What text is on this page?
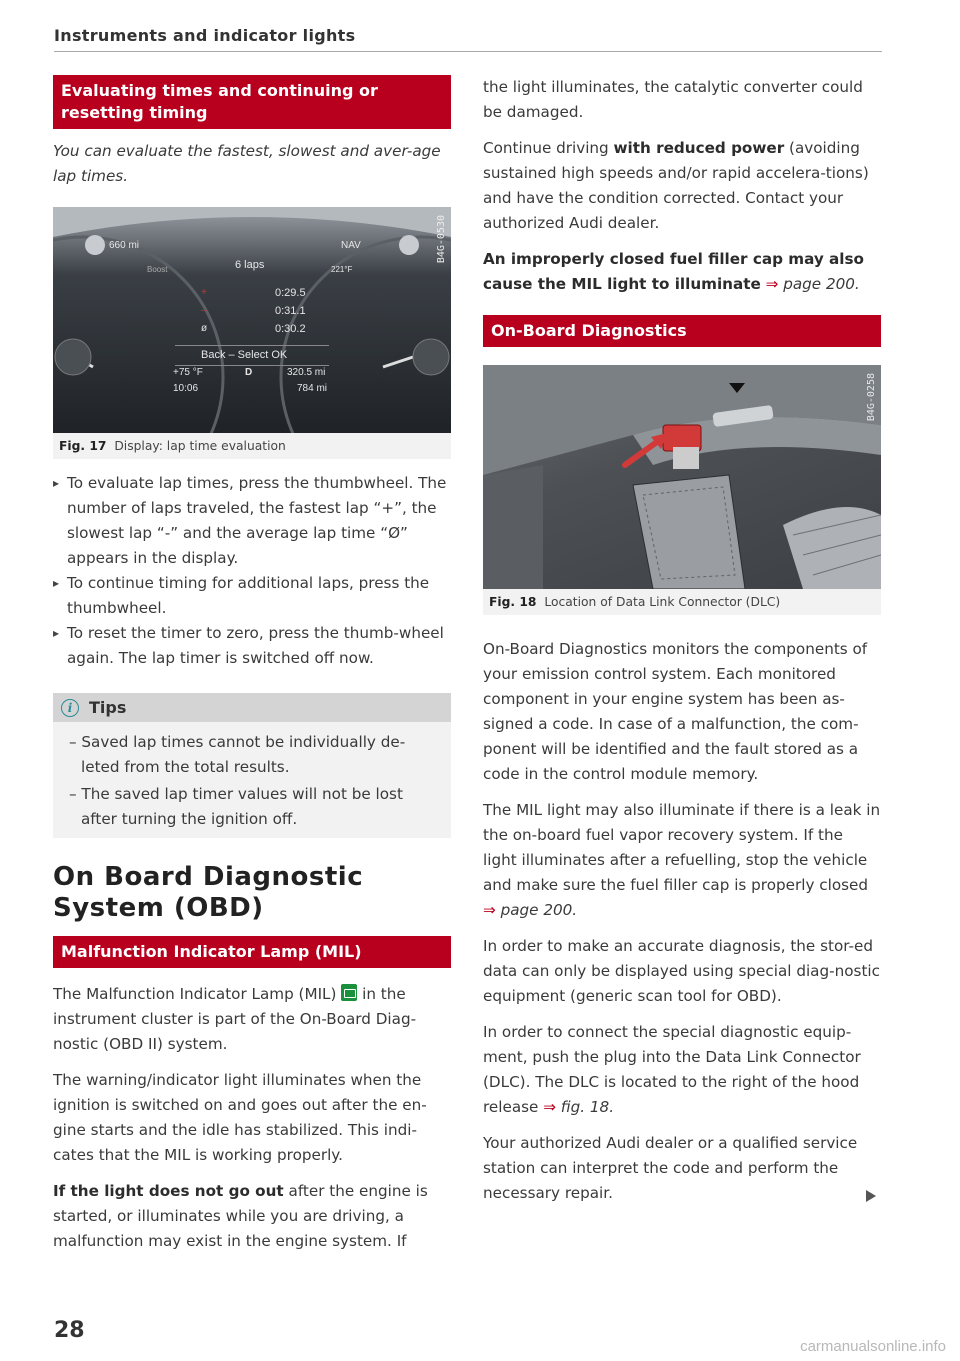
Instruments and indicator lights
Evaluating times and continuing or resetting timing

You can evaluate the fastest, slowest and aver-age lap times.

660 mi
Boost
NAV
6 laps	221°F
+
–
ø
0:29.5
0:31.1
0:30.2
Back – Select OK
+75 °F	D	320.5 mi
10:06	784 mi
B4G-0530
Fig. 17 Display: lap time evaluation
▸ To evaluate lap times, press the thumbwheel. The number of laps traveled, the fastest lap “+”, the slowest lap “-” and the average lap time “Ø” appears in the display.
▸ To continue timing for additional laps, press the thumbwheel.
▸ To reset the timer to zero, press the thumb-wheel again. The lap timer is switched off now.
i	Tips
– Saved lap times cannot be individually de-leted from the total results.
– The saved lap timer values will not be lost after turning the ignition off.
On Board Diagnostic System (OBD)
Malfunction Indicator Lamp (MIL)

The Malfunction Indicator Lamp (MIL) in the instrument cluster is part of the On-Board Diag-nostic (OBD II) system.

The warning/indicator light illuminates when the ignition is switched on and goes out after the en-gine starts and the idle has stabilized. This indi-cates that the MIL is working properly.

If the light does not go out after the engine is started, or illuminates while you are driving, a malfunction may exist in the engine system. If

the light illuminates, the catalytic converter could be damaged.

Continue driving with reduced power (avoiding sustained high speeds and/or rapid accelera-tions) and have the condition corrected. Contact your authorized Audi dealer.

An improperly closed fuel filler cap may also cause the MIL light to illuminate ⇒ page 200.

On-Board Diagnostics
B4G-0258
Fig. 18 Location of Data Link Connector (DLC)

On-Board Diagnostics monitors the components of your emission control system. Each monitored component in your engine system has been as-signed a code. In case of a malfunction, the com-ponent will be identified and the fault stored as a code in the control module memory.

The MIL light may also illuminate if there is a leak in the on-board fuel vapor recovery system. If the light illuminates after a refuelling, stop the vehicle and make sure the fuel filler cap is properly closed ⇒ page 200.

In order to make an accurate diagnosis, the stor-ed data can only be displayed using special diag-nostic equipment (generic scan tool for OBD).

In order to connect the special diagnostic equip-ment, push the plug into the Data Link Connector (DLC). The DLC is located to the right of the hood release ⇒ fig. 18.

Your authorized Audi dealer or a qualified service station can interpret the code and perform the necessary repair.

28
carmanualsonline.info
